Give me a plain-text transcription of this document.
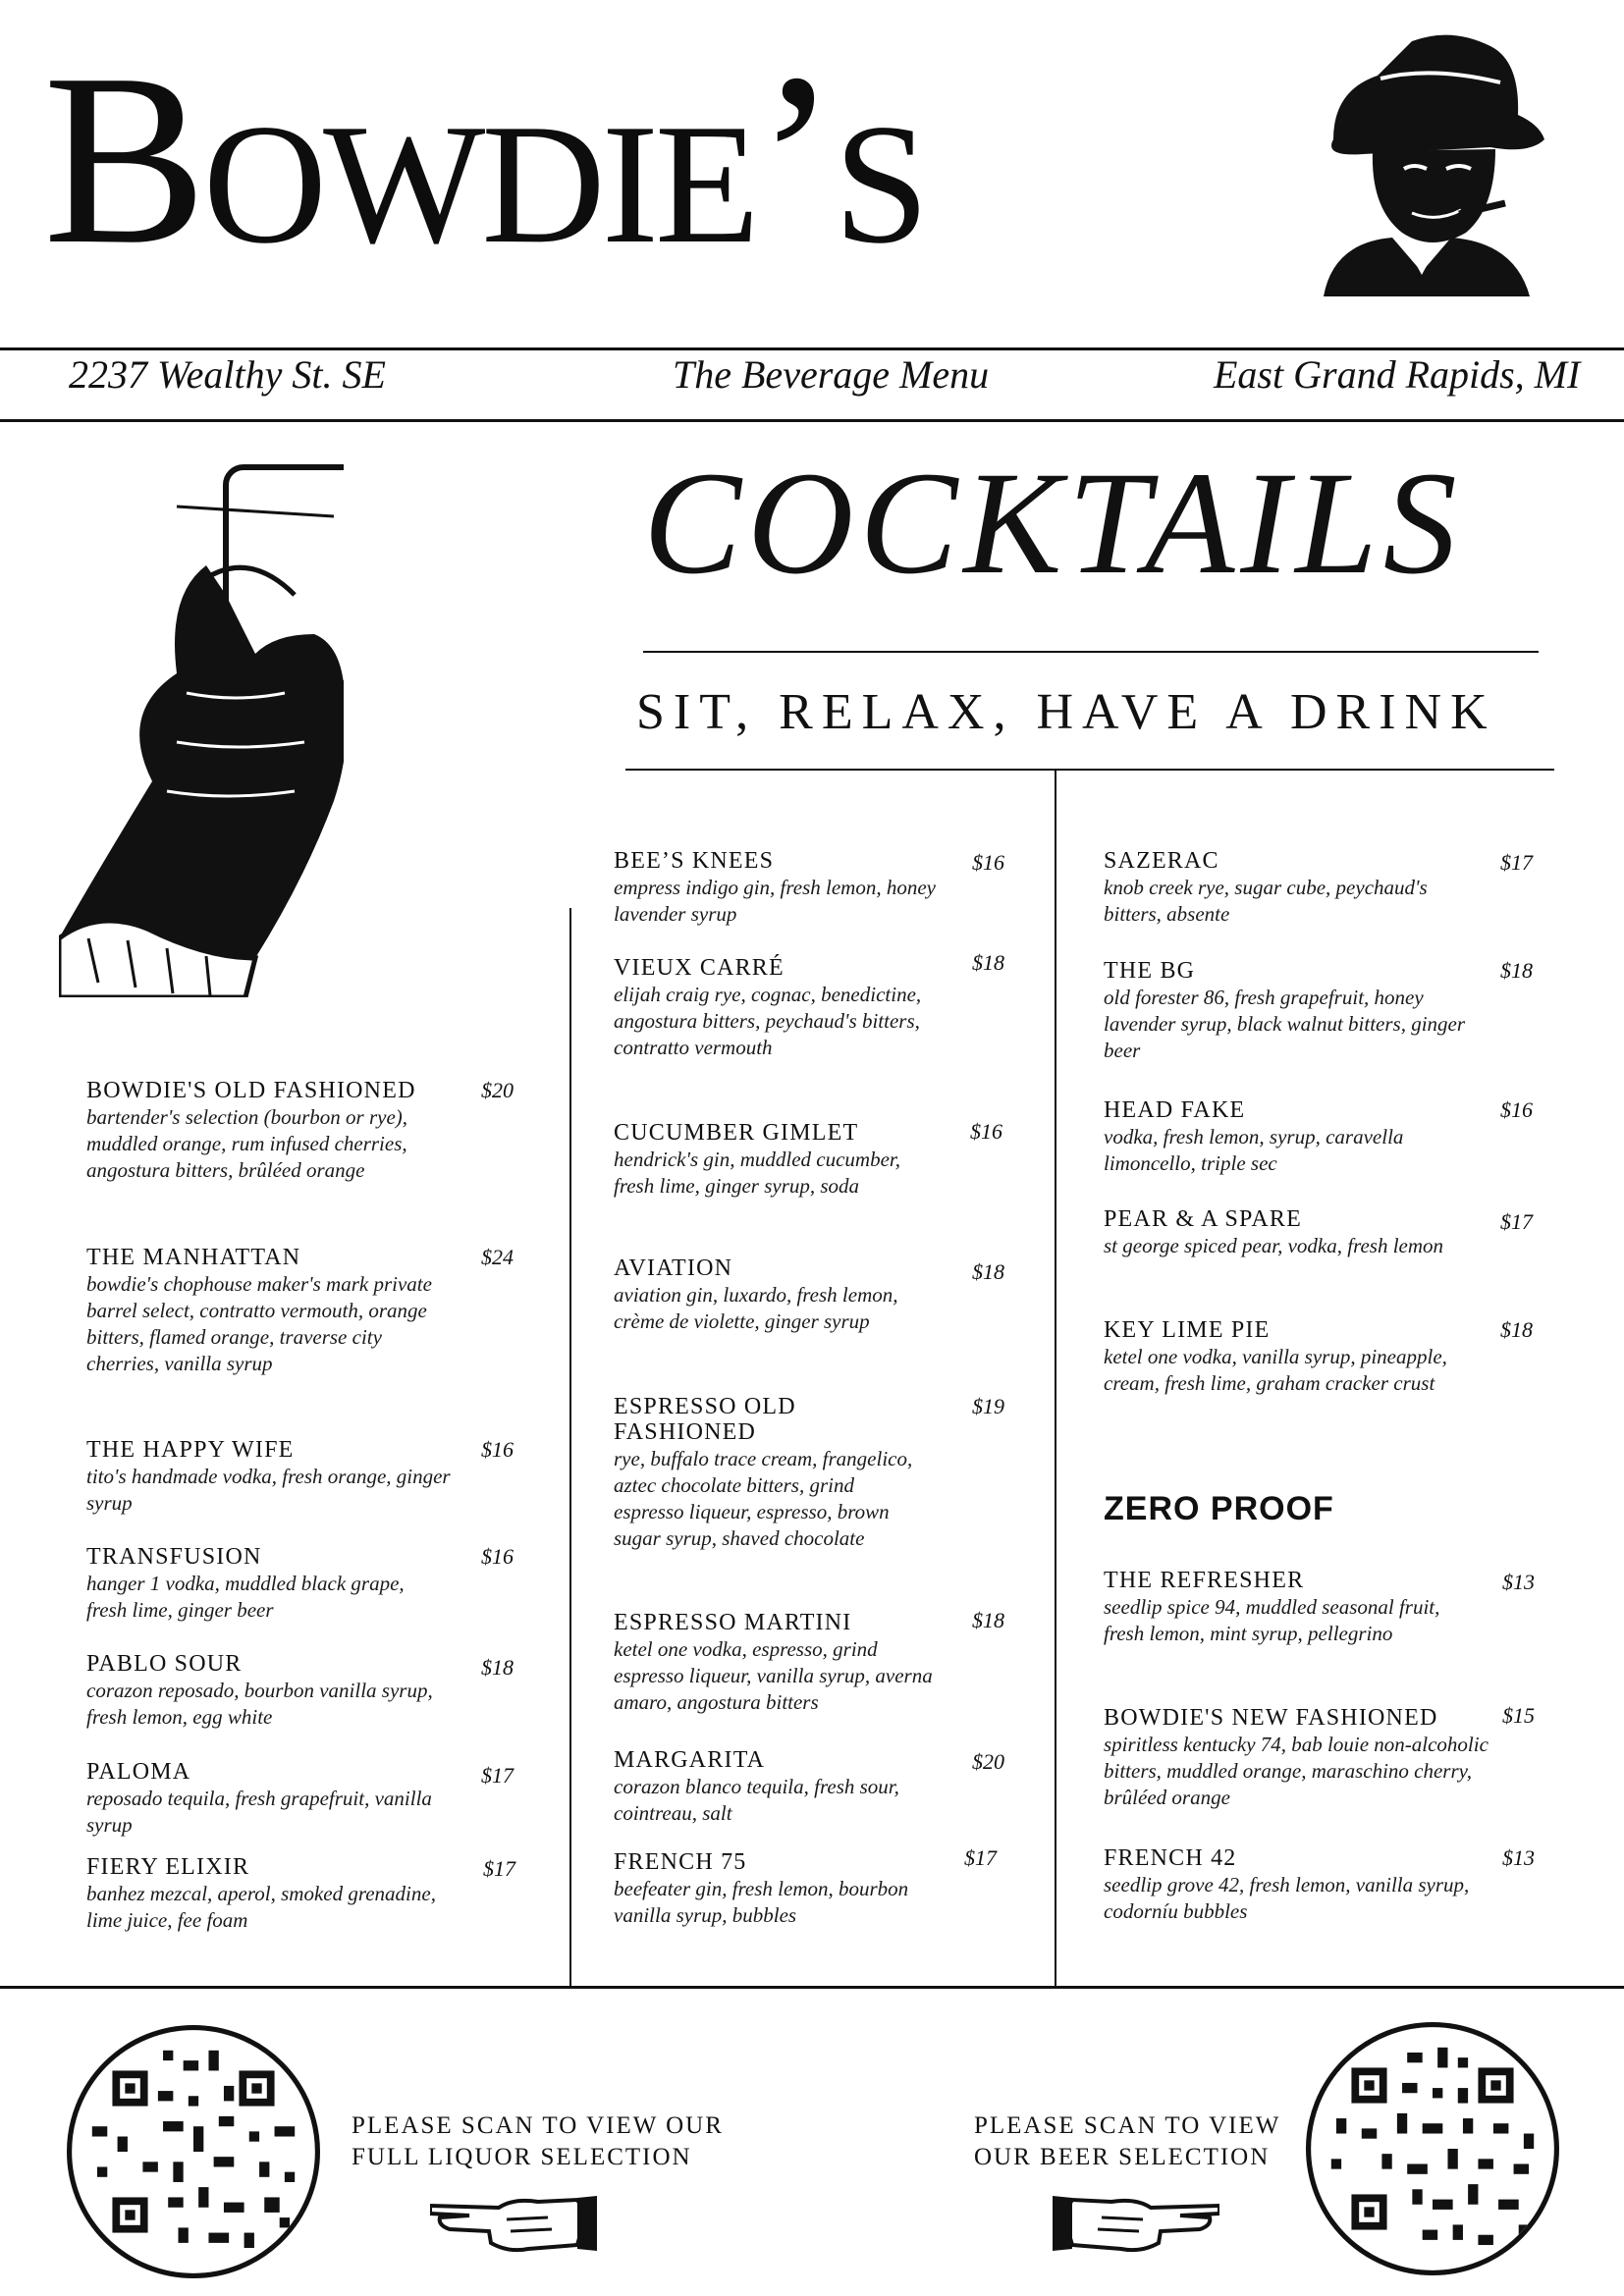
Bowdie’s
2237 Wealthy St. SE	The Beverage Menu	East Grand Rapids, MI
COCKTAILS
SIT, RELAX, HAVE A DRINK
BOWDIE'S OLD FASHIONED
bartender's selection (bourbon or rye), muddled orange, rum infused cherries, angostura bitters, brûléed orange
$20
THE MANHATTAN
bowdie's chophouse maker's mark private barrel select, contratto vermouth, orange bitters, flamed orange, traverse city cherries, vanilla syrup
$24
THE HAPPY WIFE
tito's handmade vodka, fresh orange, ginger syrup
$16
TRANSFUSION
hanger 1 vodka, muddled black grape, fresh lime, ginger beer
$16
PABLO SOUR
corazon reposado, bourbon vanilla syrup, fresh lemon, egg white
$18
PALOMA
reposado tequila, fresh grapefruit, vanilla syrup
$17
FIERY ELIXIR
banhez mezcal, aperol, smoked grenadine, lime juice, fee foam
$17
BEE’S KNEES
empress indigo gin, fresh lemon, honey lavender syrup
$16
VIEUX CARRÉ
elijah craig rye, cognac, benedictine, angostura bitters, peychaud's bitters, contratto vermouth
$18
CUCUMBER GIMLET
hendrick's gin, muddled cucumber, fresh lime, ginger syrup, soda
$16
AVIATION
aviation gin, luxardo, fresh lemon, crème de violette, ginger syrup
$18
ESPRESSO OLD FASHIONED
rye, buffalo trace cream, frangelico, aztec chocolate bitters, grind espresso liqueur, espresso, brown sugar syrup, shaved chocolate
$19
ESPRESSO MARTINI
ketel one vodka, espresso, grind espresso liqueur, vanilla syrup, averna amaro, angostura bitters
$18
MARGARITA
corazon blanco tequila, fresh sour, cointreau, salt
$20
FRENCH 75
beefeater gin, fresh lemon, bourbon vanilla syrup, bubbles
$17
SAZERAC
knob creek rye, sugar cube, peychaud's bitters, absente
$17
THE BG
old forester 86, fresh grapefruit, honey lavender syrup, black walnut bitters, ginger beer
$18
HEAD FAKE
vodka, fresh lemon, syrup, caravella limoncello, triple sec
$16
PEAR & A SPARE
st george spiced pear, vodka, fresh lemon
$17
KEY LIME PIE
ketel one vodka, vanilla syrup, pineapple, cream, fresh lime, graham cracker crust
$18
ZERO PROOF
THE REFRESHER
seedlip spice 94, muddled seasonal fruit, fresh lemon, mint syrup, pellegrino
$13
BOWDIE'S NEW FASHIONED
spiritless kentucky 74, bab louie non-alcoholic bitters, muddled orange, maraschino cherry, brûléed orange
$15
FRENCH 42
seedlip grove 42, fresh lemon, vanilla syrup, codorníu bubbles
$13
PLEASE SCAN TO VIEW OUR
FULL LIQUOR SELECTION
PLEASE SCAN TO VIEW
OUR BEER SELECTION
